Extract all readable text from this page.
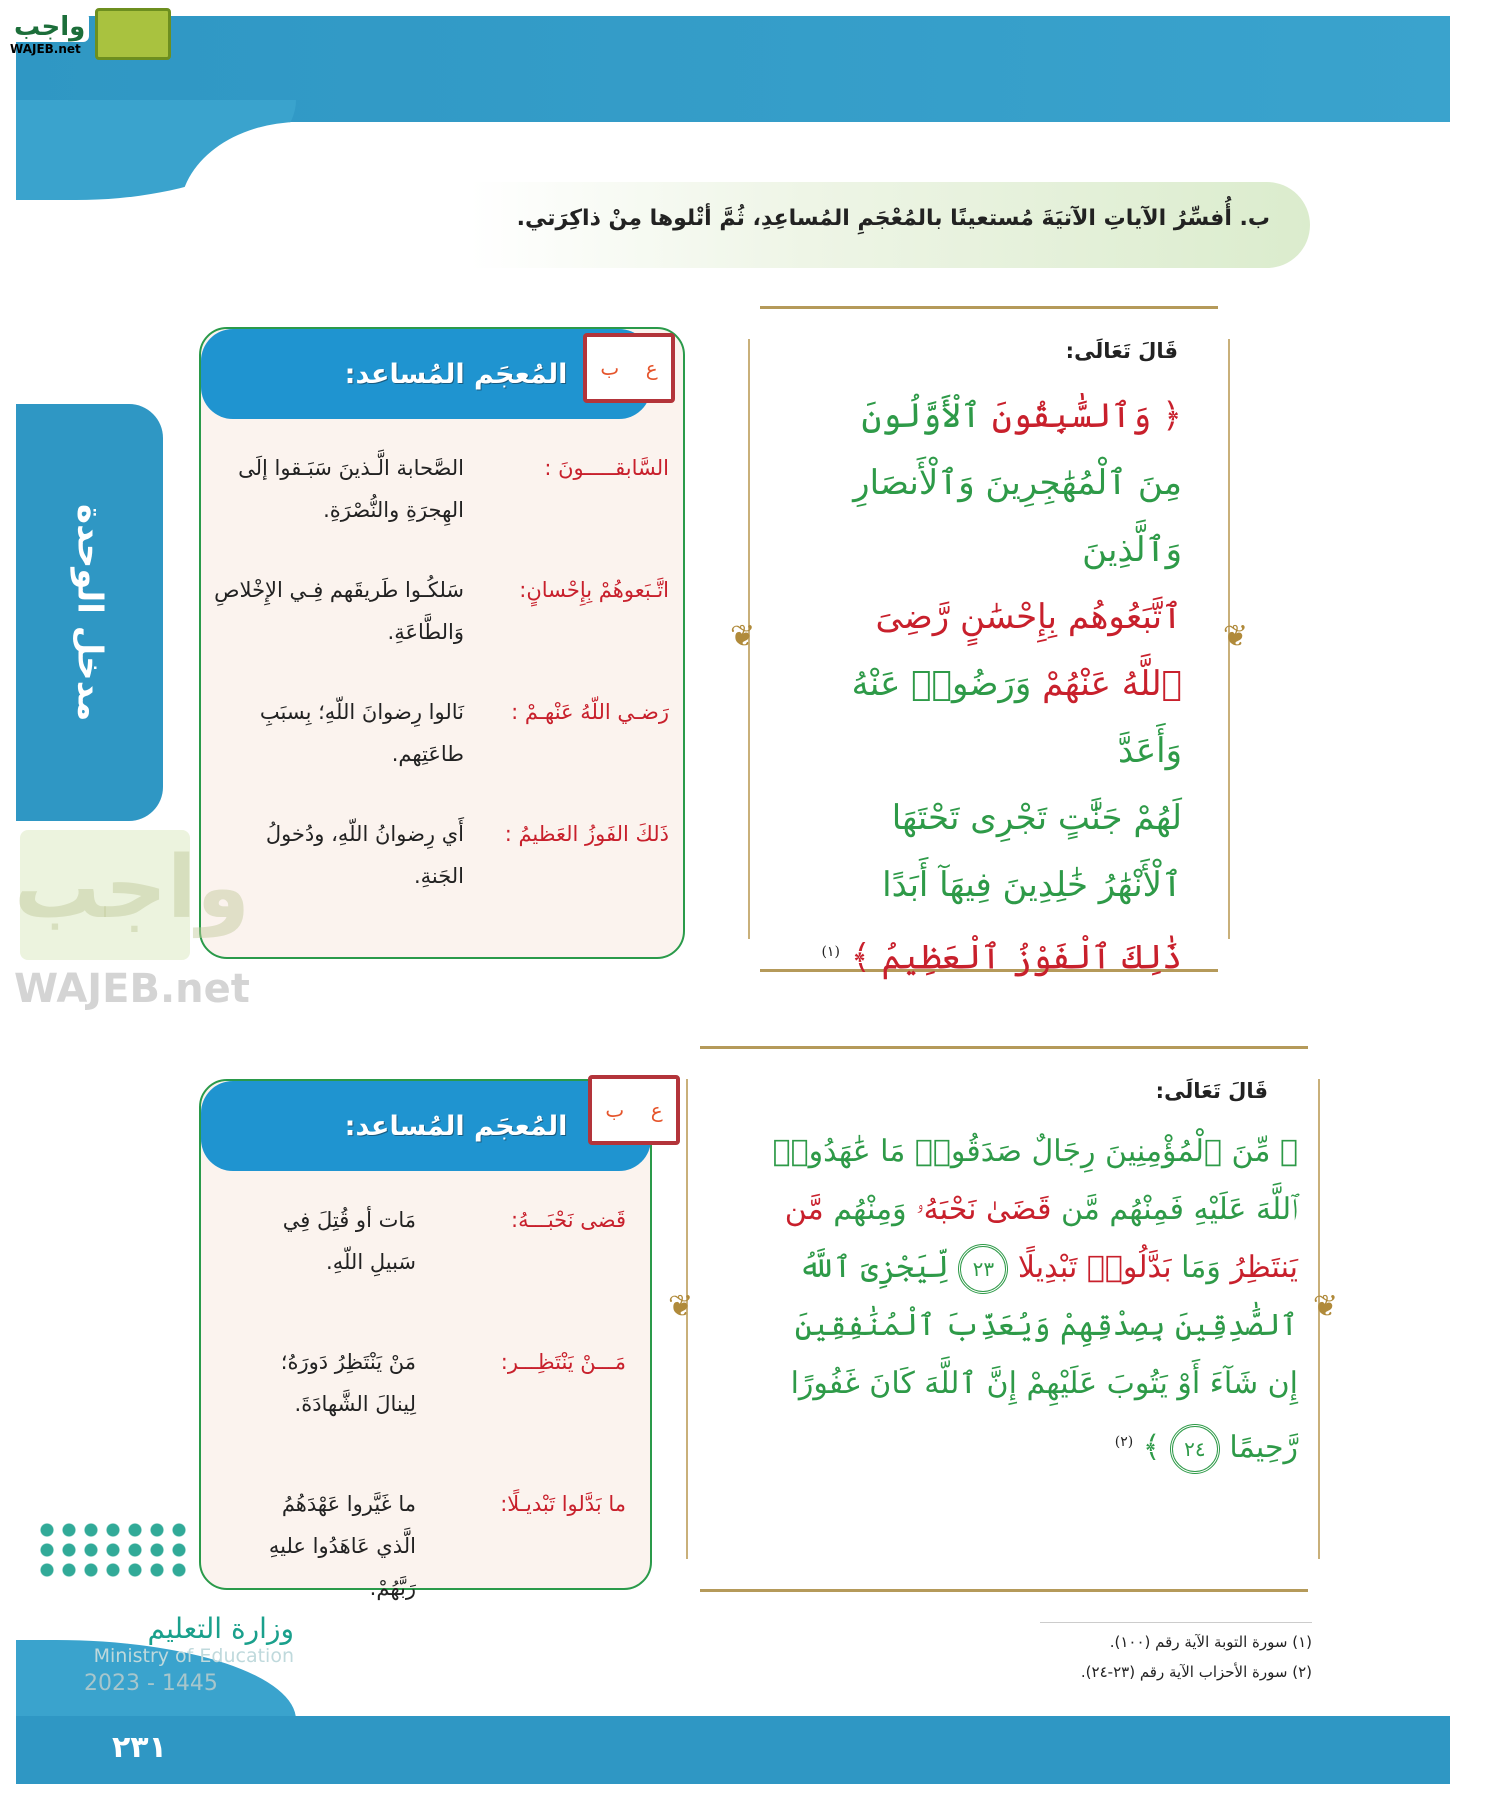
واجب
WAJEB.net
ب. أُفسِّرُ الآياتِ الآتيَةَ مُستعينًا بالمُعْجَمِ المُساعِدِ، ثُمَّ أتْلوها مِنْ ذاكِرَتي.
مدخل الوحدة
المُعجَم المُساعد:	ع
ب
السَّابقـــــونَ :
الصَّحابة الَّـذينَ سَبَـقوا إلَى الهِجرَةِ والنُّصْرَةِ.
اتَّـبَعوهُمْ بِإِحْسانٍ:
سَلكُـوا طَريقَهم فِـي الإِخْلاصِ وَالطَّاعَةِ.
رَضـي اللّهُ عَنْهـمْ :
نَالوا رِضوانَ اللّهِ؛ بِسبَبِ طاعَتِهم.
ذَلكَ الفَوزُ العَظيمُ :
أَي رِضوانُ اللّهِ، ودُخولُ الجَنةِ.
❦	❦
قَالَ تَعَالَى:
﴿ وَٱلسَّٰبِقُونَ ٱلْأَوَّلُونَ
مِنَ ٱلْمُهَٰجِرِينَ وَٱلْأَنصَارِ وَٱلَّذِينَ
ٱتَّبَعُوهُم بِإِحْسَٰنٍ رَّضِىَ
ٱللَّهُ عَنْهُمْ وَرَضُوا۟ عَنْهُ وَأَعَدَّ
لَهُمْ جَنَّٰتٍ تَجْرِى تَحْتَهَا
ٱلْأَنْهَٰرُ خَٰلِدِينَ فِيهَآ أَبَدًا
ذَٰلِكَ ٱلْفَوْزُ ٱلْعَظِيمُ ﴾ $^{(١)}$
واجب
WAJEB.net
المُعجَم المُساعد:
ع
ب
قَضى نَحْبَـــهُ:
مَات أو قُتِلَ فِي سَبيلِ اللّهِ.
مَـــنْ يَنْتَظِـــر:
مَنْ يَنْتَظِرُ دَورَهُ؛ لِينالَ الشَّهادَةَ.
ما بَدَّلوا تَبْديـلًا:
ما غَيَّروا عَهْدَهُمُ الَّذي عَاهَدُوا عليهِ رَبَّهُمْ.
❦	❦
قَالَ تَعَالَى:
﴿ مِّنَ ٱلْمُؤْمِنِينَ رِجَالٌ صَدَقُوا۟ مَا عَٰهَدُوا۟
ٱللَّهَ عَلَيْهِ فَمِنْهُم مَّن قَضَىٰ نَحْبَهُۥ وَمِنْهُم مَّن
يَنتَظِرُ وَمَا بَدَّلُوا۟ تَبْدِيلًا ٢٣ لِّيَجْزِىَ ٱللَّهُ
ٱلصَّٰدِقِينَ بِصِدْقِهِمْ وَيُعَذِّبَ ٱلْمُنَٰفِقِينَ
إِن شَآءَ أَوْ يَتُوبَ عَلَيْهِمْ إِنَّ ٱللَّهَ كَانَ غَفُورًا
رَّحِيمًا ٢٤ ﴾ $^{(٢)}$
(١) سورة التوبة الآية رقم (١٠٠).
(٢) سورة الأحزاب الآية رقم (٢٣-٢٤).
وزارة التعليم
Ministry of Education
2023 - 1445
٢٣١
